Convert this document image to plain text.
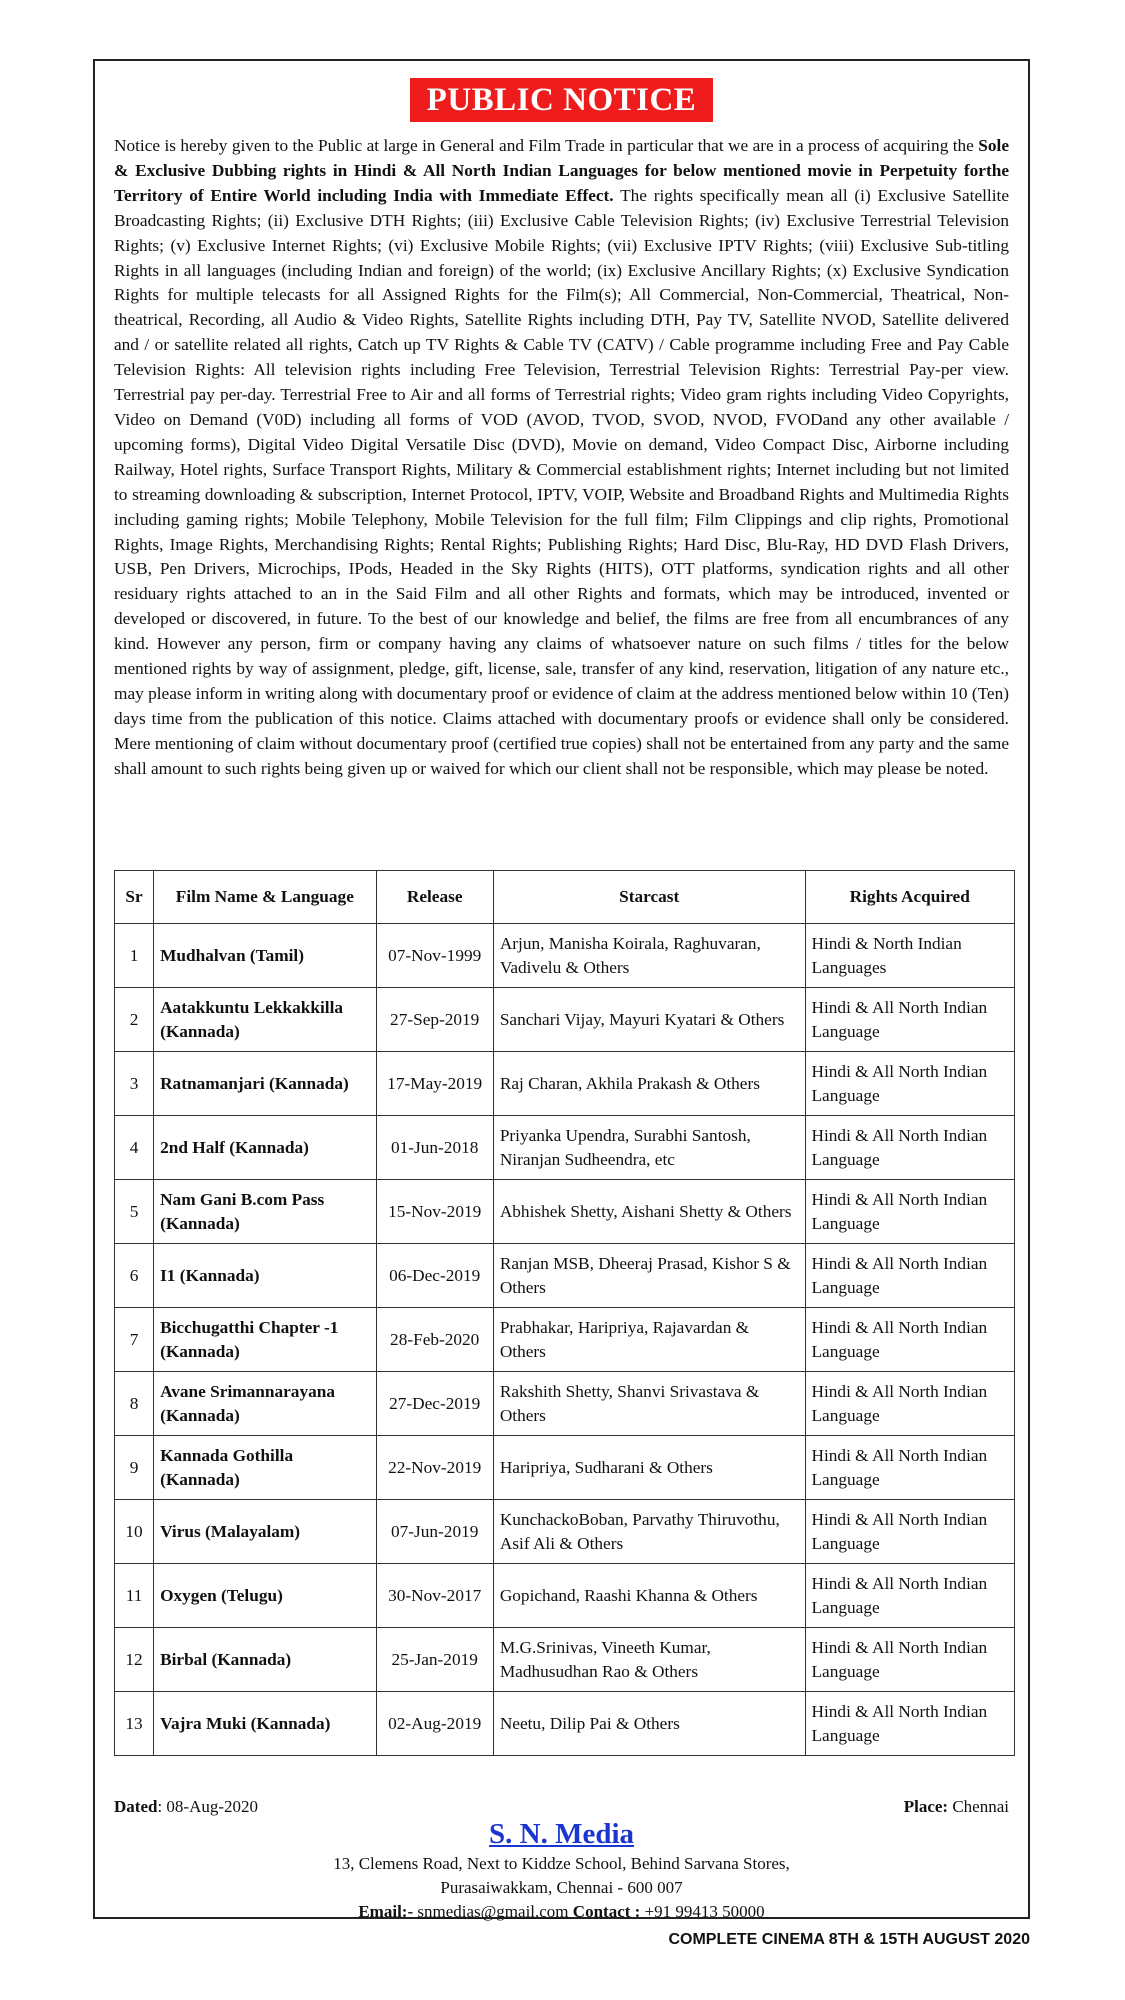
PUBLIC NOTICE

Notice is hereby given to the Public at large in General and Film Trade in particular that we are in a process of acquiring the Sole & Exclusive Dubbing rights in Hindi & All North Indian Languages for below mentioned movie in Perpetuity forthe Territory of Entire World including India with Immediate Effect. The rights specifically mean all (i) Exclusive Satellite Broadcasting Rights; (ii) Exclusive DTH Rights; (iii) Exclusive Cable Television Rights; (iv) Exclusive Terrestrial Television Rights; (v) Exclusive Internet Rights; (vi) Exclusive Mobile Rights; (vii) Exclusive IPTV Rights; (viii) Exclusive Sub-titling Rights in all languages (including Indian and foreign) of the world; (ix) Exclusive Ancillary Rights; (x) Exclusive Syndication Rights for multiple telecasts for all Assigned Rights for the Film(s); All Commercial, Non-Commercial, Theatrical, Non-theatrical, Recording, all Audio & Video Rights, Satellite Rights including DTH, Pay TV, Satellite NVOD, Satellite delivered and / or satellite related all rights, Catch up TV Rights & Cable TV (CATV) / Cable programme including Free and Pay Cable Television Rights: All television rights including Free Television, Terrestrial Television Rights: Terrestrial Pay-per view. Terrestrial pay per-day. Terrestrial Free to Air and all forms of Terrestrial rights; Video gram rights including Video Copyrights, Video on Demand (V0D) including all forms of VOD (AVOD, TVOD, SVOD, NVOD, FVODand any other available / upcoming forms), Digital Video Digital Versatile Disc (DVD), Movie on demand, Video Compact Disc, Airborne including Railway, Hotel rights, Surface Transport Rights, Military & Commercial establishment rights; Internet including but not limited to streaming downloading & subscription, Internet Protocol, IPTV, VOIP, Website and Broadband Rights and Multimedia Rights including gaming rights; Mobile Telephony, Mobile Television for the full film; Film Clippings and clip rights, Promotional Rights, Image Rights, Merchandising Rights; Rental Rights; Publishing Rights; Hard Disc, Blu-Ray, HD DVD Flash Drivers, USB, Pen Drivers, Microchips, IPods, Headed in the Sky Rights (HITS), OTT platforms, syndication rights and all other residuary rights attached to an in the Said Film and all other Rights and formats, which may be introduced, invented or developed or discovered, in future. To the best of our knowledge and belief, the films are free from all encumbrances of any kind. However any person, firm or company having any claims of whatsoever nature on such films / titles for the below mentioned rights by way of assignment, pledge, gift, license, sale, transfer of any kind, reservation, litigation of any nature etc., may please inform in writing along with documentary proof or evidence of claim at the address mentioned below within 10 (Ten) days time from the publication of this notice. Claims attached with documentary proofs or evidence shall only be considered. Mere mentioning of claim without documentary proof (certified true copies) shall not be entertained from any party and the same shall amount to such rights being given up or waived for which our client shall not be responsible, which may please be noted.

Sr	Film Name & Language	Release	Starcast	Rights Acquired
1	Mudhalvan (Tamil)	07-Nov-1999	Arjun, Manisha Koirala, Raghuvaran, Vadivelu & Others	Hindi & North Indian Languages
2	Aatakkuntu Lekkakkilla (Kannada)	27-Sep-2019	Sanchari Vijay, Mayuri Kyatari & Others	Hindi & All North Indian Language
3	Ratnamanjari (Kannada)	17-May-2019	Raj Charan, Akhila Prakash & Others	Hindi & All North Indian Language
4	2nd Half (Kannada)	01-Jun-2018	Priyanka Upendra, Surabhi Santosh, Niranjan Sudheendra, etc	Hindi & All North Indian Language
5	Nam Gani B.com Pass (Kannada)	15-Nov-2019	Abhishek Shetty, Aishani Shetty & Others	Hindi & All North Indian Language
6	I1 (Kannada)	06-Dec-2019	Ranjan MSB, Dheeraj Prasad, Kishor S & Others	Hindi & All North Indian Language
7	Bicchugatthi Chapter -1 (Kannada)	28-Feb-2020	Prabhakar, Haripriya, Rajavardan & Others	Hindi & All North Indian Language
8	Avane Srimannarayana (Kannada)	27-Dec-2019	Rakshith Shetty, Shanvi Srivastava & Others	Hindi & All North Indian Language
9	Kannada Gothilla (Kannada)	22-Nov-2019	Haripriya, Sudharani & Others	Hindi & All North Indian Language
10	Virus (Malayalam)	07-Jun-2019	KunchackoBoban, Parvathy Thiruvothu, Asif Ali & Others	Hindi & All North Indian Language
11	Oxygen (Telugu)	30-Nov-2017	Gopichand, Raashi Khanna & Others	Hindi & All North Indian Language
12	Birbal (Kannada)	25-Jan-2019	M.G.Srinivas, Vineeth Kumar, Madhusudhan Rao & Others	Hindi & All North Indian Language
13	Vajra Muki (Kannada)	02-Aug-2019	Neetu, Dilip Pai & Others	Hindi & All North Indian Language
Dated: 08-Aug-2020	Place: Chennai
S. N. Media
13, Clemens Road, Next to Kiddze School, Behind Sarvana Stores,
Purasaiwakkam, Chennai - 600 007
Email:- snmedias@gmail.com Contact : +91 99413 50000
COMPLETE CINEMA 8TH & 15TH AUGUST 2020
